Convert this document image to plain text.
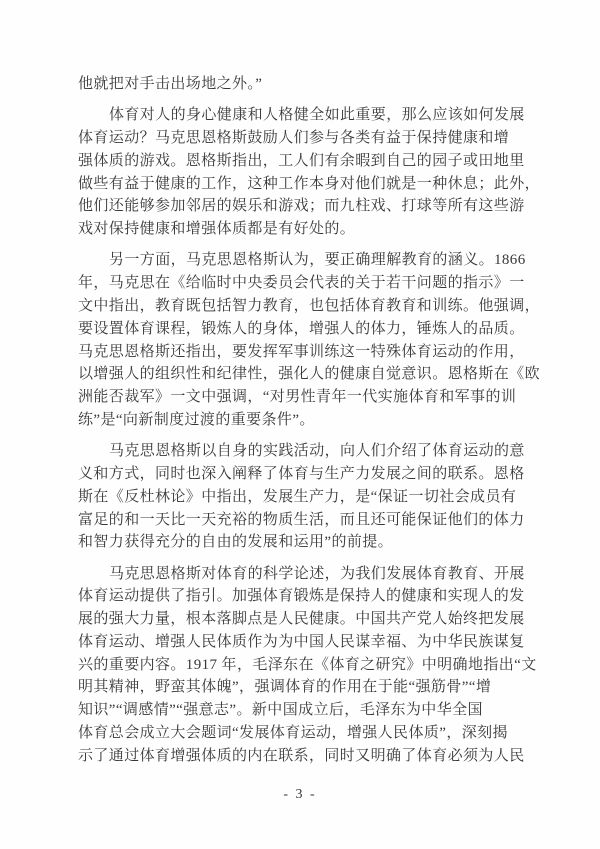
他就把对手击出场地之外。”
体育对人的身心健康和人格健全如此重要，那么应该如何发展
体育运动？马克思恩格斯鼓励人们参与各类有益于保持健康和增
强体质的游戏。恩格斯指出，工人们有余暇到自己的园子或田地里
做些有益于健康的工作，这种工作本身对他们就是一种休息；此外，
他们还能够参加邻居的娱乐和游戏；而九柱戏、打球等所有这些游
戏对保持健康和增强体质都是有好处的。
另一方面，马克思恩格斯认为，要正确理解教育的涵义。1866
年，马克思在《给临时中央委员会代表的关于若干问题的指示》一
文中指出，教育既包括智力教育，也包括体育教育和训练。他强调，
要设置体育课程，锻炼人的身体，增强人的体力，锤炼人的品质。
马克思恩格斯还指出，要发挥军事训练这一特殊体育运动的作用，
以增强人的组织性和纪律性，强化人的健康自觉意识。恩格斯在《欧
洲能否裁军》一文中强调，“对男性青年一代实施体育和军事的训
练”是“向新制度过渡的重要条件”。
马克思恩格斯以自身的实践活动，向人们介绍了体育运动的意
义和方式，同时也深入阐释了体育与生产力发展之间的联系。恩格
斯在《反杜林论》中指出，发展生产力，是“保证一切社会成员有
富足的和一天比一天充裕的物质生活，而且还可能保证他们的体力
和智力获得充分的自由的发展和运用”的前提。
马克思恩格斯对体育的科学论述，为我们发展体育教育、开展
体育运动提供了指引。加强体育锻炼是保持人的健康和实现人的发
展的强大力量，根本落脚点是人民健康。中国共产党人始终把发展
体育运动、增强人民体质作为为中国人民谋幸福、为中华民族谋复
兴的重要内容。1917 年，毛泽东在《体育之研究》中明确地指出“文
明其精神，野蛮其体魄”，强调体育的作用在于能“强筋骨”“增
知识”“调感情”“强意志”。新中国成立后，毛泽东为中华全国
体育总会成立大会题词“发展体育运动，增强人民体质”，深刻揭
示了通过体育增强体质的内在联系，同时又明确了体育必须为人民
- 3 -
